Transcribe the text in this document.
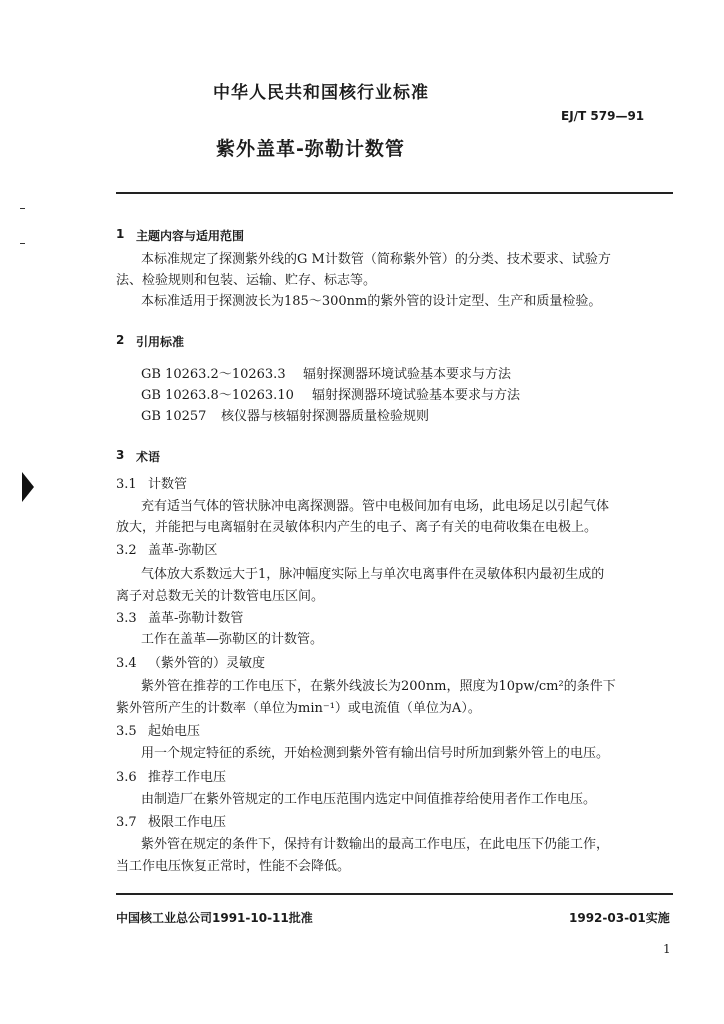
中华人民共和国核行业标准
EJ/T 579—91
紫外盖革-弥勒计数管
1 主题内容与适用范围
本标准规定了探测紫外线的G M计数管（简称紫外管）的分类、技术要求、试验方
法、检验规则和包装、运输、贮存、标志等。
本标准适用于探测波长为185～300nm的紫外管的设计定型、生产和质量检验。
2 引用标准
GB 10263.2～10263.3 辐射探测器环境试验基本要求与方法
GB 10263.8～10263.10 辐射探测器环境试验基本要求与方法
GB 10257 核仪器与核辐射探测器质量检验规则
3 术语
3.1 计数管
充有适当气体的管状脉冲电离探测器。管中电极间加有电场，此电场足以引起气体
放大，并能把与电离辐射在灵敏体积内产生的电子、离子有关的电荷收集在电极上。
3.2 盖革-弥勒区
气体放大系数远大于1，脉冲幅度实际上与单次电离事件在灵敏体积内最初生成的
离子对总数无关的计数管电压区间。
3.3 盖革-弥勒计数管
工作在盖革—弥勒区的计数管。
3.4 （紫外管的）灵敏度
紫外管在推荐的工作电压下，在紫外线波长为200nm，照度为10pw/cm²的条件下
紫外管所产生的计数率（单位为min⁻¹）或电流值（单位为A）。
3.5 起始电压
用一个规定特征的系统，开始检测到紫外管有输出信号时所加到紫外管上的电压。
3.6 推荐工作电压
由制造厂在紫外管规定的工作电压范围内选定中间值推荐给使用者作工作电压。
3.7 极限工作电压
紫外管在规定的条件下，保持有计数输出的最高工作电压，在此电压下仍能工作，
当工作电压恢复正常时，性能不会降低。
中国核工业总公司1991-10-11批准	1992-03-01实施
1
